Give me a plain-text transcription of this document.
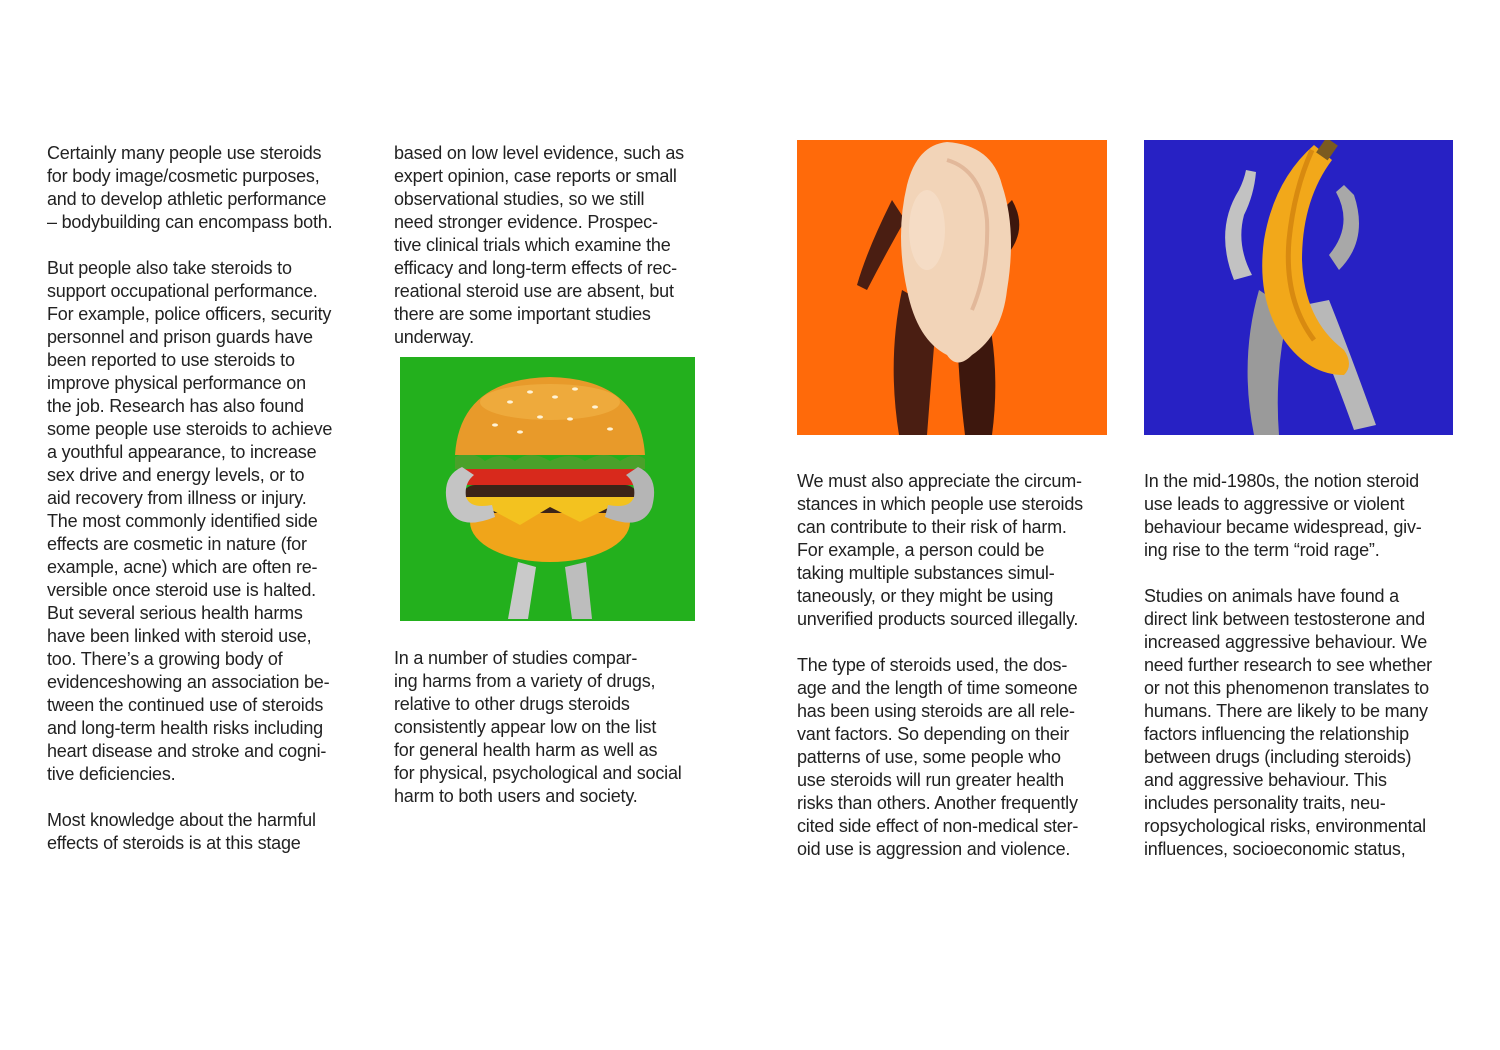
Certainly many people use steroids
for body image/cosmetic purposes,
and to develop athletic performance
– bodybuilding can encompass both.

But people also take steroids to
support occupational performance.
For example, police officers, security
personnel and prison guards have
been reported to use steroids to
improve physical performance on
the job. Research has also found
some people use steroids to achieve
a youthful appearance, to increase
sex drive and energy levels, or to
aid recovery from illness or injury.
The most commonly identified side
effects are cosmetic in nature (for
example, acne) which are often re-
versible once steroid use is halted.
But several serious health harms
have been linked with steroid use,
too. There’s a growing body of
evidenceshowing an association be-
tween the continued use of steroids
and long-term health risks including
heart disease and stroke and cogni-
tive deficiencies.

Most knowledge about the harmful
effects of steroids is at this stage

based on low level evidence, such as
expert opinion, case reports or small
observational studies, so we still  
need stronger evidence. Prospec-
tive clinical trials which examine the
efficacy and long-term effects of rec-
reational steroid use are absent, but
there are some important studies
underway.

In a number of studies compar-
ing harms from a variety of drugs,
relative to other drugs steroids
consistently appear low on the list
for general health harm as well as
for physical, psychological and social
harm to both users and society.

We must also appreciate the circum-
stances in which people use steroids
can contribute to their risk of harm.
For example, a person could be
taking multiple substances simul-
taneously, or they might be using
unverified products sourced illegally.

The type of steroids used, the dos-
age and the length of time someone
has been using steroids are all rele-
vant factors. So depending on their
patterns of use, some people who
use steroids will run greater health
risks than others. Another frequently
cited side effect of non-medical ster-
oid use is aggression and violence.

In the mid-1980s, the notion steroid
use leads to aggressive or violent
behaviour became widespread, giv-
ing rise to the term “roid rage”.

Studies on animals have found a
direct link between testosterone and
increased aggressive behaviour. We
need further research to see whether
or not this phenomenon translates to
humans. There are likely to be many
factors influencing the relationship
between drugs (including steroids)
and aggressive behaviour. This
includes personality traits, neu-
ropsychological risks, environmental
influences, socioeconomic status,
